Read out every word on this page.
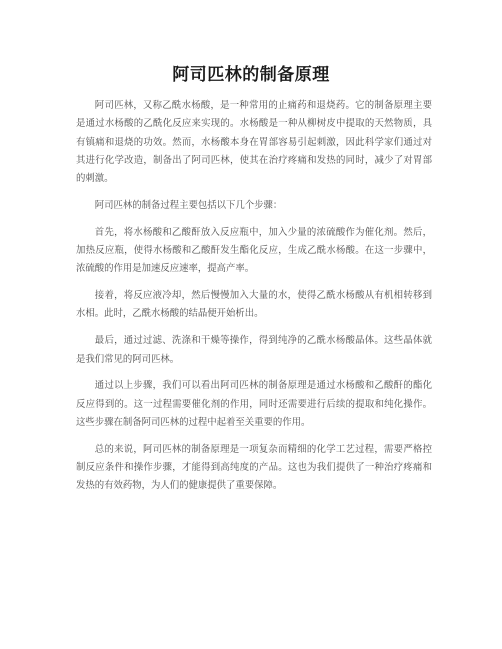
阿司匹林的制备原理

阿司匹林，又称乙酰水杨酸，是一种常用的止痛药和退烧药。它的制备原理主要是通过水杨酸的乙酰化反应来实现的。水杨酸是一种从柳树皮中提取的天然物质，具有镇痛和退烧的功效。然而，水杨酸本身在胃部容易引起刺激，因此科学家们通过对其进行化学改造，制备出了阿司匹林，使其在治疗疼痛和发热的同时，减少了对胃部的刺激。

阿司匹林的制备过程主要包括以下几个步骤：

首先，将水杨酸和乙酸酐放入反应瓶中，加入少量的浓硫酸作为催化剂。然后，加热反应瓶，使得水杨酸和乙酸酐发生酯化反应，生成乙酰水杨酸。在这一步骤中，浓硫酸的作用是加速反应速率，提高产率。

接着，将反应液冷却，然后慢慢加入大量的水，使得乙酰水杨酸从有机相转移到水相。此时，乙酰水杨酸的结晶便开始析出。

最后，通过过滤、洗涤和干燥等操作，得到纯净的乙酰水杨酸晶体。这些晶体就是我们常见的阿司匹林。

通过以上步骤，我们可以看出阿司匹林的制备原理是通过水杨酸和乙酸酐的酯化反应得到的。这一过程需要催化剂的作用，同时还需要进行后续的提取和纯化操作。这些步骤在制备阿司匹林的过程中起着至关重要的作用。

总的来说，阿司匹林的制备原理是一项复杂而精细的化学工艺过程，需要严格控制反应条件和操作步骤，才能得到高纯度的产品。这也为我们提供了一种治疗疼痛和发热的有效药物，为人们的健康提供了重要保障。
